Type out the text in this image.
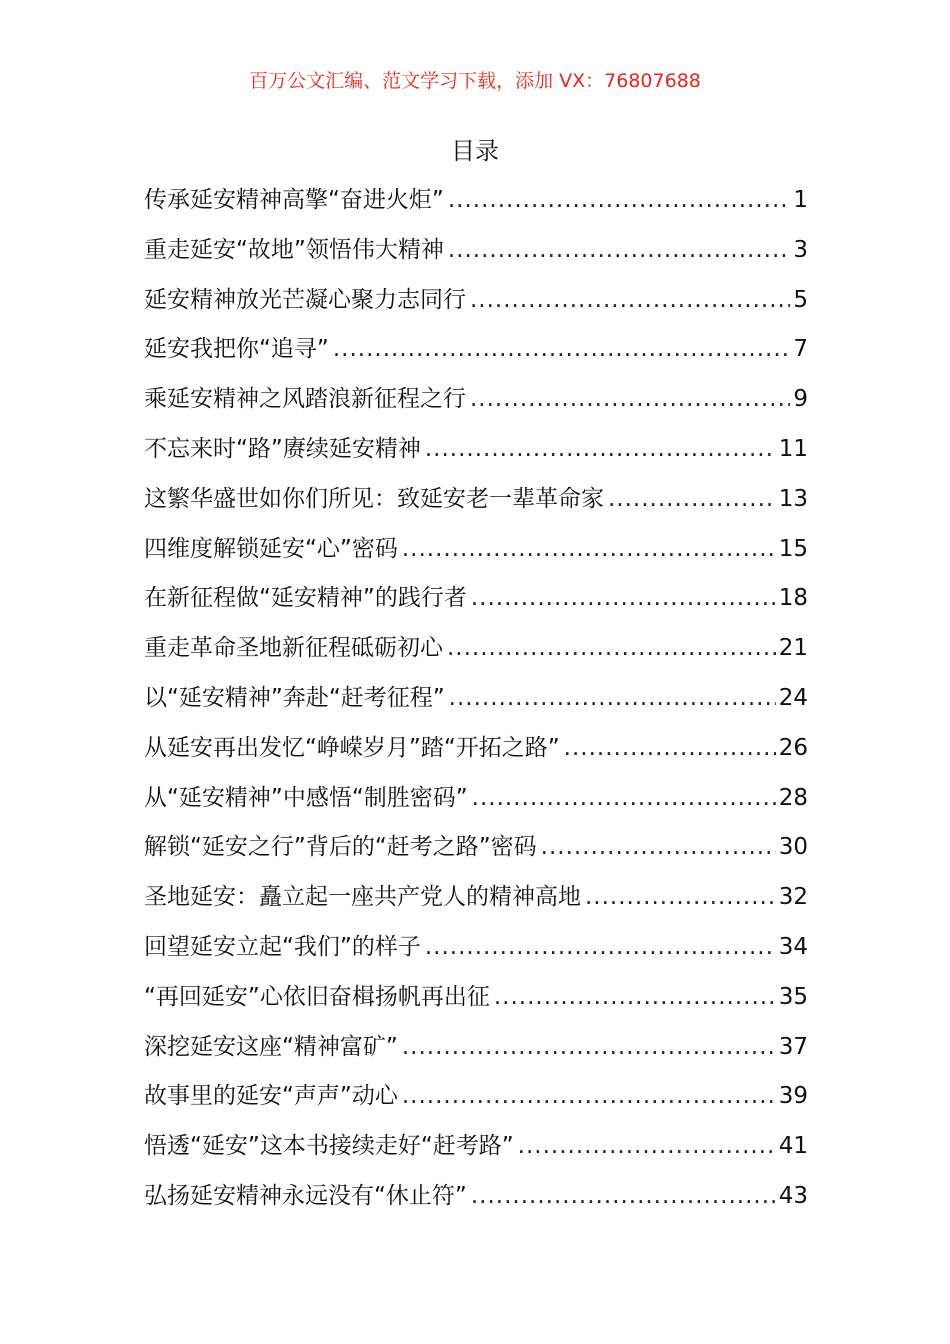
百万公文汇编、范文学习下载，添加 VX：76807688
目录
传承延安精神高擎“奋进火炬” .....	1
重走延安“故地”领悟伟大精神 .....	3
延安精神放光芒凝心聚力志同行 .....	5
延安我把你“追寻” .....	7
乘延安精神之风踏浪新征程之行 .....	9
不忘来时“路”赓续延安精神 .....	11
这繁华盛世如你们所见：致延安老一辈革命家 .....	13
四维度解锁延安“心”密码 .....	15
在新征程做“延安精神”的践行者 .....	18
重走革命圣地新征程砥砺初心 .....	21
以“延安精神”奔赴“赶考征程” .....	24
从延安再出发忆“峥嵘岁月”踏“开拓之路” .....	26
从“延安精神”中感悟“制胜密码” .....	28
解锁“延安之行”背后的“赶考之路”密码 .....	30
圣地延安：矗立起一座共产党人的精神高地 .....	32
回望延安立起“我们”的样子 .....	34
“再回延安”心依旧奋楫扬帆再出征 .....	35
深挖延安这座“精神富矿” .....	37
故事里的延安“声声”动心 .....	39
悟透“延安”这本书接续走好“赶考路” .....	41
弘扬延安精神永远没有“休止符” .....	43
